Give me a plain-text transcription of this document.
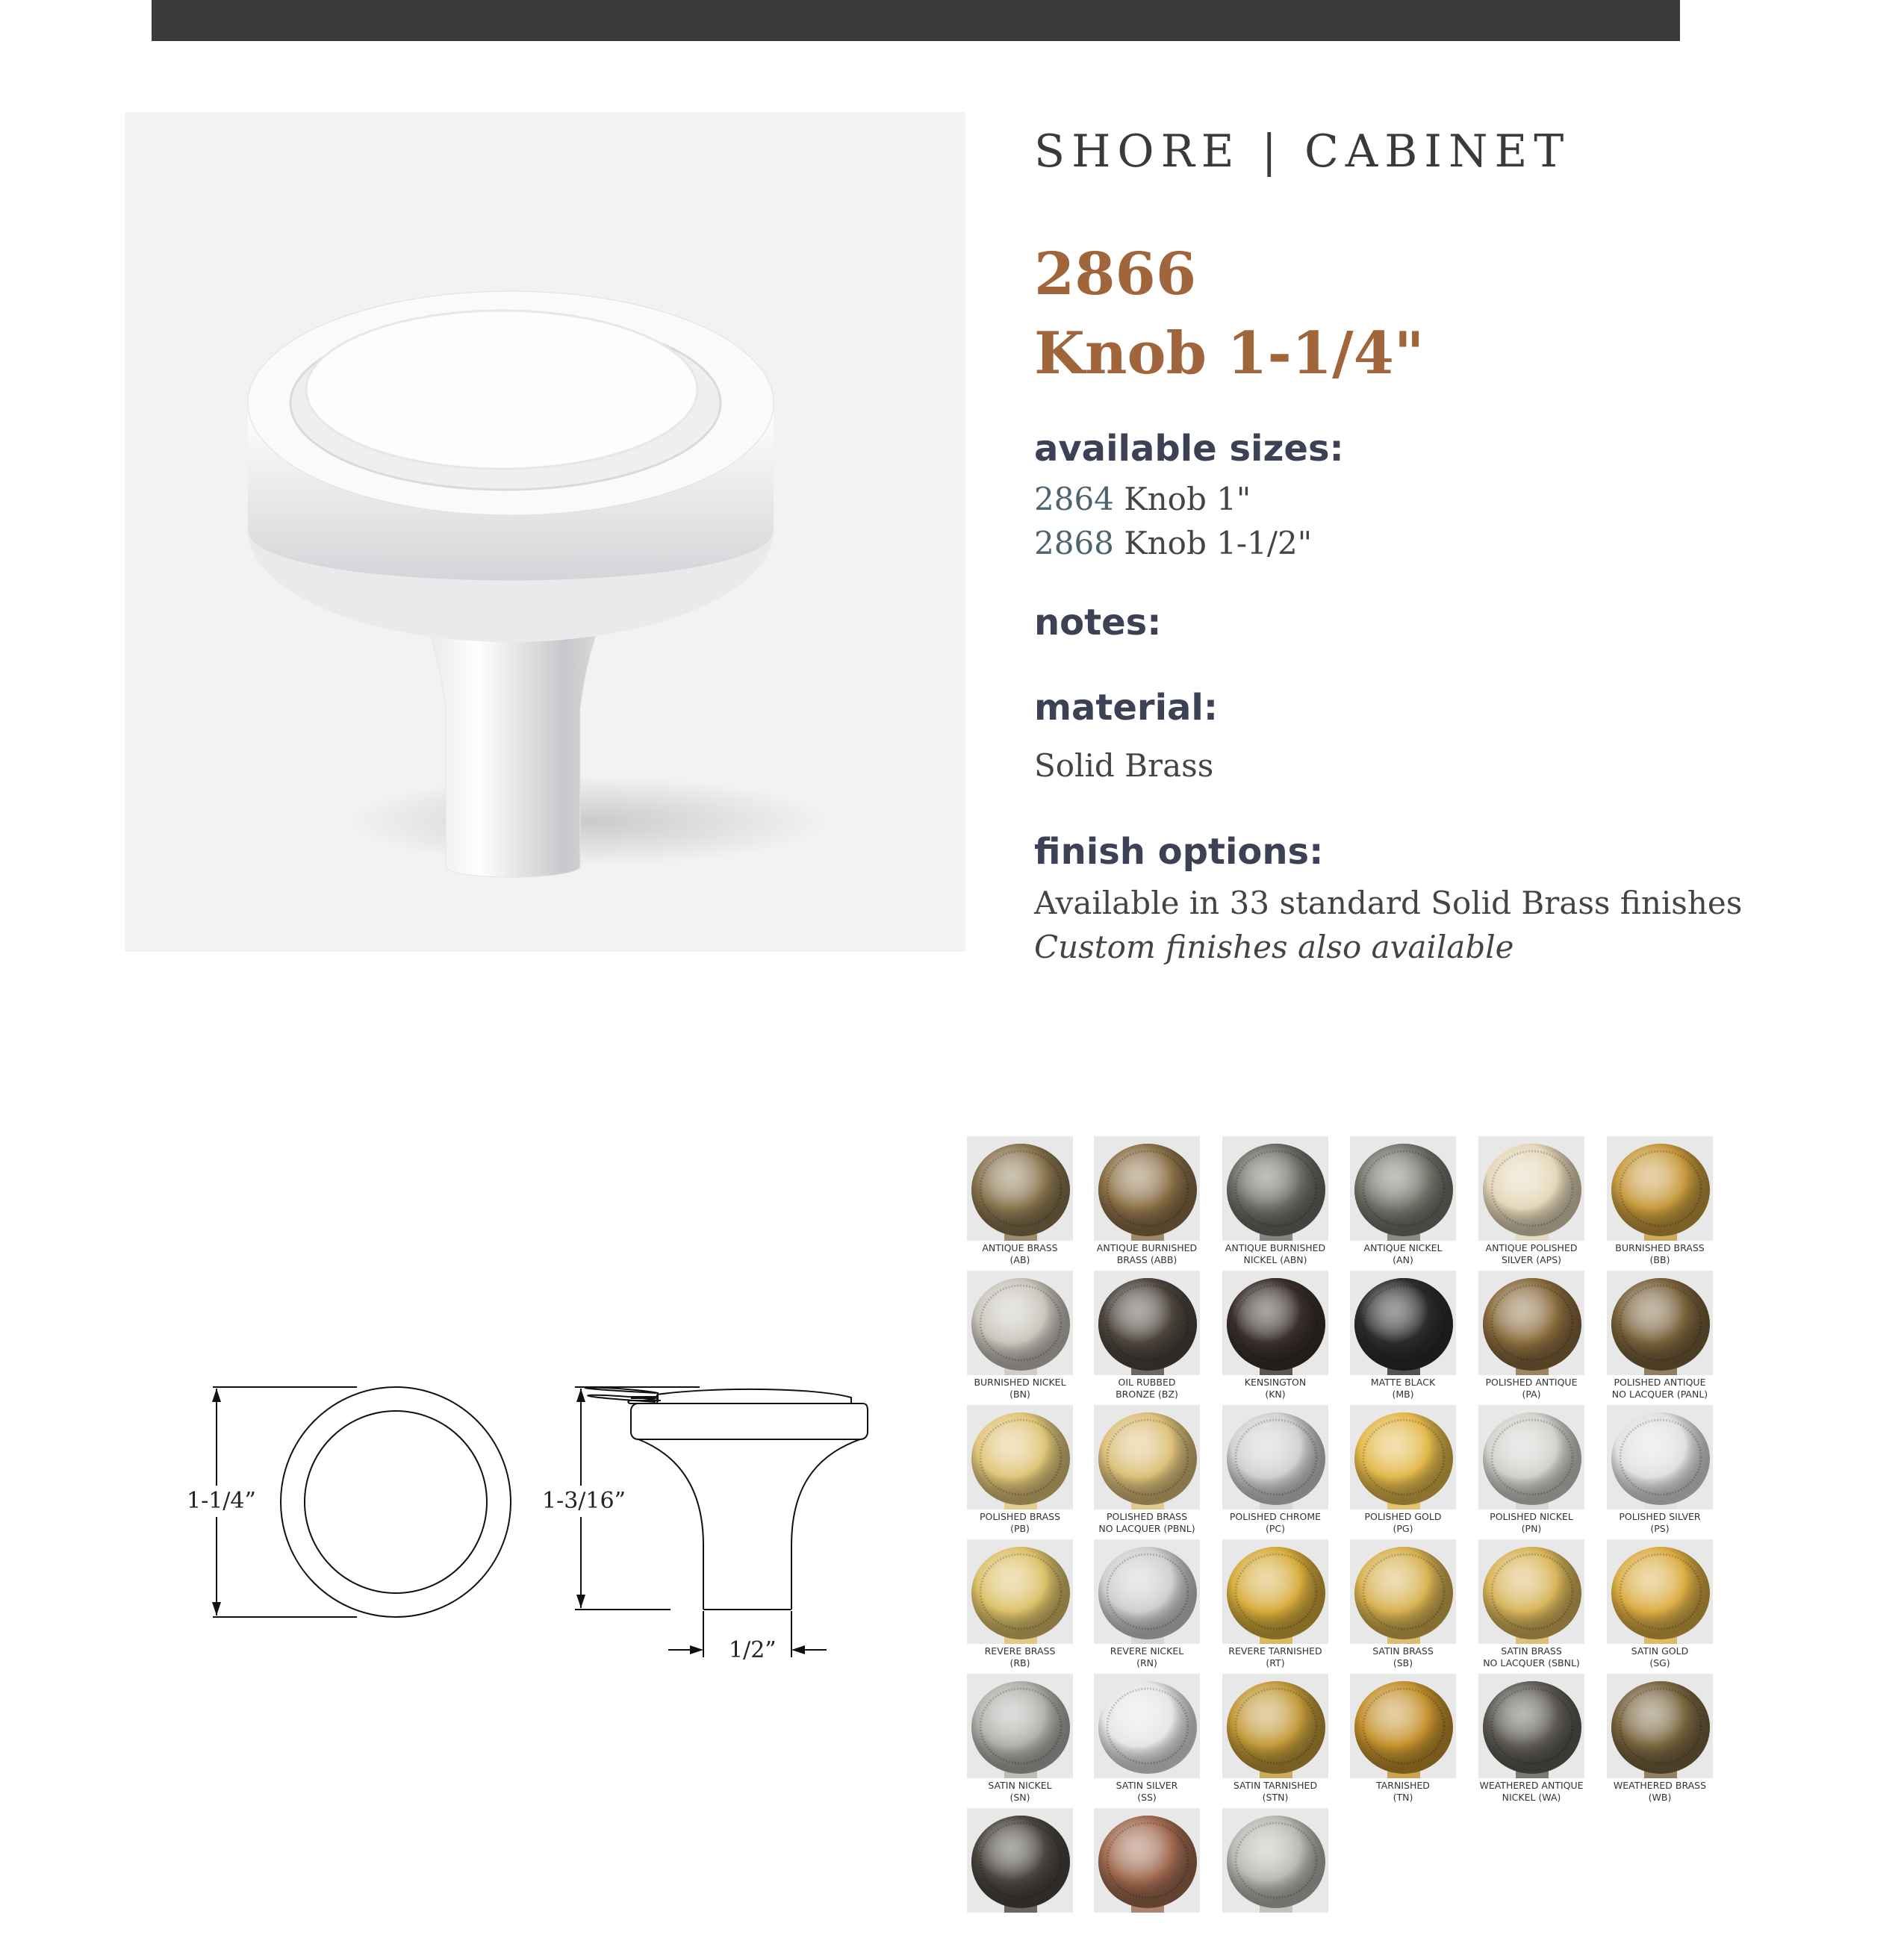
SHORE | CABINET
2866
Knob 1-1/4"
available sizes:
2864 Knob 1"
2868 Knob 1-1/2"
notes:
material:
Solid Brass
finish options:
Available in 33 standard Solid Brass finishes
Custom finishes also available
1-1/4”	1-3/16”
1/2”
ANTIQUE BRASS
(AB)
ANTIQUE BURNISHED
BRASS (ABB)
ANTIQUE BURNISHED
NICKEL (ABN)
ANTIQUE NICKEL
(AN)
ANTIQUE POLISHED
SILVER (APS)
BURNISHED BRASS
(BB)
BURNISHED NICKEL
(BN)
OIL RUBBED
BRONZE (BZ)
KENSINGTON
(KN)
MATTE BLACK
(MB)
POLISHED ANTIQUE
(PA)
POLISHED ANTIQUE
NO LACQUER (PANL)
POLISHED BRASS
(PB)
POLISHED BRASS
NO LACQUER (PBNL)
POLISHED CHROME
(PC)
POLISHED GOLD
(PG)
POLISHED NICKEL
(PN)
POLISHED SILVER
(PS)
REVERE BRASS
(RB)
REVERE NICKEL
(RN)
REVERE TARNISHED
(RT)
SATIN BRASS
(SB)
SATIN BRASS
NO LACQUER (SBNL)
SATIN GOLD
(SG)
SATIN NICKEL
(SN)
SATIN SILVER
(SS)
SATIN TARNISHED
(STN)
TARNISHED
(TN)
WEATHERED ANTIQUE
NICKEL (WA)
WEATHERED BRASS
(WB)
